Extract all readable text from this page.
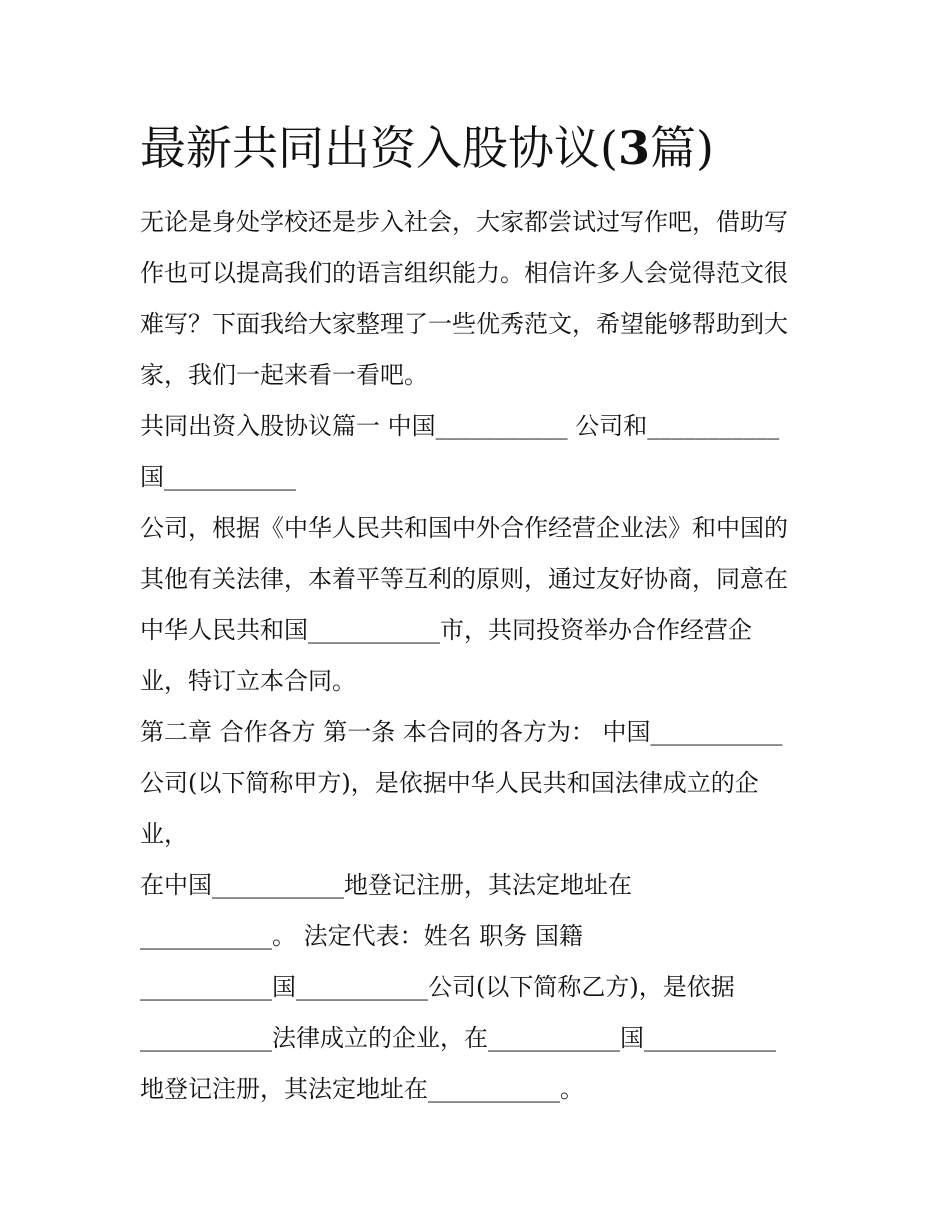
最新共同出资入股协议(3篇)

无论是身处学校还是步入社会，大家都尝试过写作吧，借助写

作也可以提高我们的语言组织能力。相信许多人会觉得范文很

难写？下面我给大家整理了一些优秀范文，希望能够帮助到大

家，我们一起来看一看吧。

共同出资入股协议篇一 中国___________ 公司和___________

国___________

公司，根据《中华人民共和国中外合作经营企业法》和中国的

其他有关法律，本着平等互利的原则，通过友好协商，同意在

中华人民共和国___________市，共同投资举办合作经营企

业，特订立本合同。

第二章 合作各方 第一条 本合同的各方为： 中国___________

公司(以下简称甲方)，是依据中华人民共和国法律成立的企

业，

在中国___________地登记注册，其法定地址在

___________。 法定代表：姓名 职务 国籍

___________国___________公司(以下简称乙方)，是依据

___________法律成立的企业，在___________国___________

地登记注册，其法定地址在___________。
